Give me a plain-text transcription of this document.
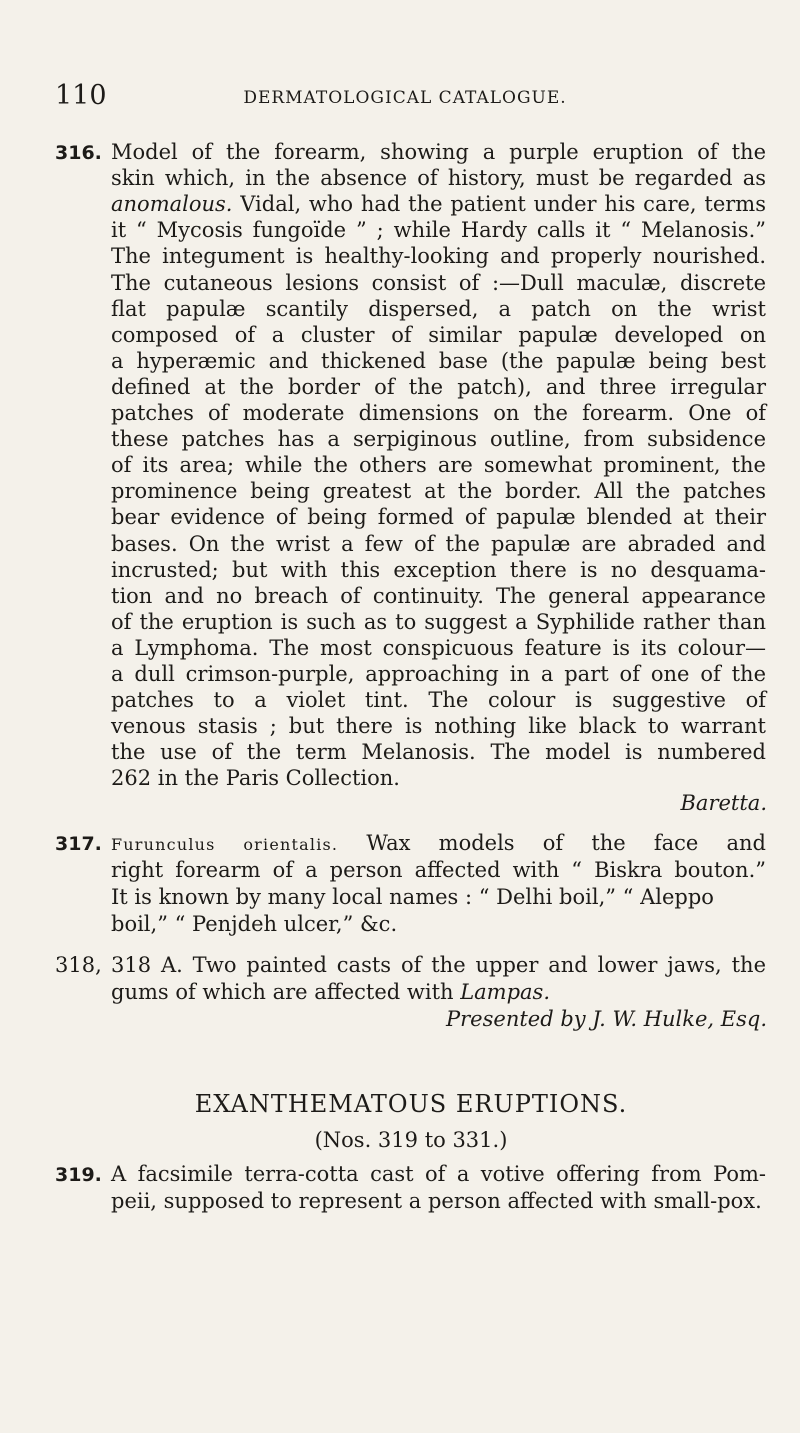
110	DERMATOLOGICAL CATALOGUE.
316. Model of the forearm, showing a purple eruption of the
skin which, in the absence of history, must be regarded as
anomalous. Vidal, who had the patient under his care, terms
it “ Mycosis fungoïde ” ; while Hardy calls it “ Melanosis.”
The integument is healthy-looking and properly nourished.
The cutaneous lesions consist of :—Dull maculæ, discrete
flat papulæ scantily dispersed, a patch on the wrist
composed of a cluster of similar papulæ developed on
a hyperæmic and thickened base (the papulæ being best
defined at the border of the patch), and three irregular
patches of moderate dimensions on the forearm. One of
these patches has a serpiginous outline, from subsidence
of its area; while the others are somewhat prominent, the
prominence being greatest at the border. All the patches
bear evidence of being formed of papulæ blended at their
bases. On the wrist a few of the papulæ are abraded and
incrusted; but with this exception there is no desquama-
tion and no breach of continuity. The general appearance
of the eruption is such as to suggest a Syphilide rather than
a Lymphoma. The most conspicuous feature is its colour—
a dull crimson-purple, approaching in a part of one of the
patches to a violet tint. The colour is suggestive of
venous stasis ; but there is nothing like black to warrant
the use of the term Melanosis. The model is numbered
262 in the Paris Collection.
Baretta.
317. Furunculus orientalis. Wax models of the face and
right forearm of a person affected with “ Biskra bouton.”
It is known by many local names : “ Delhi boil,” “ Aleppo
boil,” “ Penjdeh ulcer,” &c.
318, 318 A. Two painted casts of the upper and lower jaws, the
gums of which are affected with Lampas.
Presented by J. W. Hulke, Esq.
EXANTHEMATOUS ERUPTIONS.
(Nos. 319 to 331.)
319. A facsimile terra-cotta cast of a votive offering from Pom-
peii, supposed to represent a person affected with small-pox.
